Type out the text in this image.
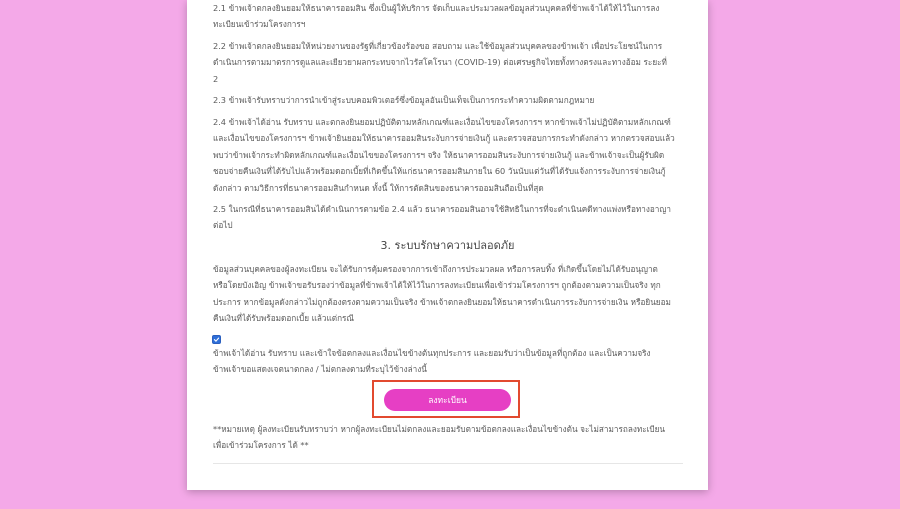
2.1 ข้าพเจ้าตกลงยินยอมให้ธนาคารออมสิน ซึ่งเป็นผู้ให้บริการ จัดเก็บและประมวลผลข้อมูลส่วนบุคคลที่ข้าพเจ้าได้ให้ไว้ในการลง
ทะเบียนเข้าร่วมโครงการฯ

2.2 ข้าพเจ้าตกลงยินยอมให้หน่วยงานของรัฐที่เกี่ยวข้องร้องขอ สอบถาม และใช้ข้อมูลส่วนบุคคลของข้าพเจ้า เพื่อประโยชน์ในการ
ดำเนินการตามมาตรการดูแลและเยียวยาผลกระทบจากไวรัสโคโรนา (COVID-19) ต่อเศรษฐกิจไทยทั้งทางตรงและทางอ้อม ระยะที่
2

2.3 ข้าพเจ้ารับทราบว่าการนำเข้าสู่ระบบคอมพิวเตอร์ซึ่งข้อมูลอันเป็นเท็จเป็นการกระทำความผิดตามกฎหมาย

2.4 ข้าพเจ้าได้อ่าน รับทราบ และตกลงยินยอมปฏิบัติตามหลักเกณฑ์และเงื่อนไขของโครงการฯ หากข้าพเจ้าไม่ปฏิบัติตามหลักเกณฑ์
และเงื่อนไขของโครงการฯ ข้าพเจ้ายินยอมให้ธนาคารออมสินระงับการจ่ายเงินกู้ และตรวจสอบการกระทำดังกล่าว หากตรวจสอบแล้ว
พบว่าข้าพเจ้ากระทำผิดหลักเกณฑ์และเงื่อนไขของโครงการฯ จริง ให้ธนาคารออมสินระงับการจ่ายเงินกู้ และข้าพเจ้าจะเป็นผู้รับผิด
ชอบจ่ายคืนเงินที่ได้รับไปแล้วพร้อมดอกเบี้ยที่เกิดขึ้นให้แก่ธนาคารออมสินภายใน 60 วันนับแต่วันที่ได้รับแจ้งการระงับการจ่ายเงินกู้
ดังกล่าว ตามวิธีการที่ธนาคารออมสินกำหนด ทั้งนี้ ให้การตัดสินของธนาคารออมสินถือเป็นที่สุด

2.5 ในกรณีที่ธนาคารออมสินได้ดำเนินการตามข้อ 2.4 แล้ว ธนาคารออมสินอาจใช้สิทธิในการที่จะดำเนินคดีทางแพ่งหรือทางอาญา
ต่อไป

3. ระบบรักษาความปลอดภัย

ข้อมูลส่วนบุคคลของผู้ลงทะเบียน จะได้รับการคุ้มครองจากการเข้าถึงการประมวลผล หรือการลบทิ้ง ที่เกิดขึ้นโดยไม่ได้รับอนุญาต
หรือโดยบังเอิญ ข้าพเจ้าขอรับรองว่าข้อมูลที่ข้าพเจ้าได้ให้ไว้ในการลงทะเบียนเพื่อเข้าร่วมโครงการฯ ถูกต้องตามความเป็นจริง ทุก
ประการ หากข้อมูลดังกล่าวไม่ถูกต้องตรงตามความเป็นจริง ข้าพเจ้าตกลงยินยอมให้ธนาคารดำเนินการระงับการจ่ายเงิน หรือยินยอม
คืนเงินที่ได้รับพร้อมดอกเบี้ย แล้วแต่กรณี

ข้าพเจ้าได้อ่าน รับทราบ และเข้าใจข้อตกลงและเงื่อนไขข้างต้นทุกประการ และยอมรับว่าเป็นข้อมูลที่ถูกต้อง และเป็นความจริง
ข้าพเจ้าขอแสดงเจตนาตกลง / ไม่ตกลงตามที่ระบุไว้ข้างล่างนี้

ลงทะเบียน

**หมายเหตุ ผู้ลงทะเบียนรับทราบว่า หากผู้ลงทะเบียนไม่ตกลงและยอมรับตามข้อตกลงและเงื่อนไขข้างต้น จะไม่สามารถลงทะเบียน
เพื่อเข้าร่วมโครงการ ได้ **
